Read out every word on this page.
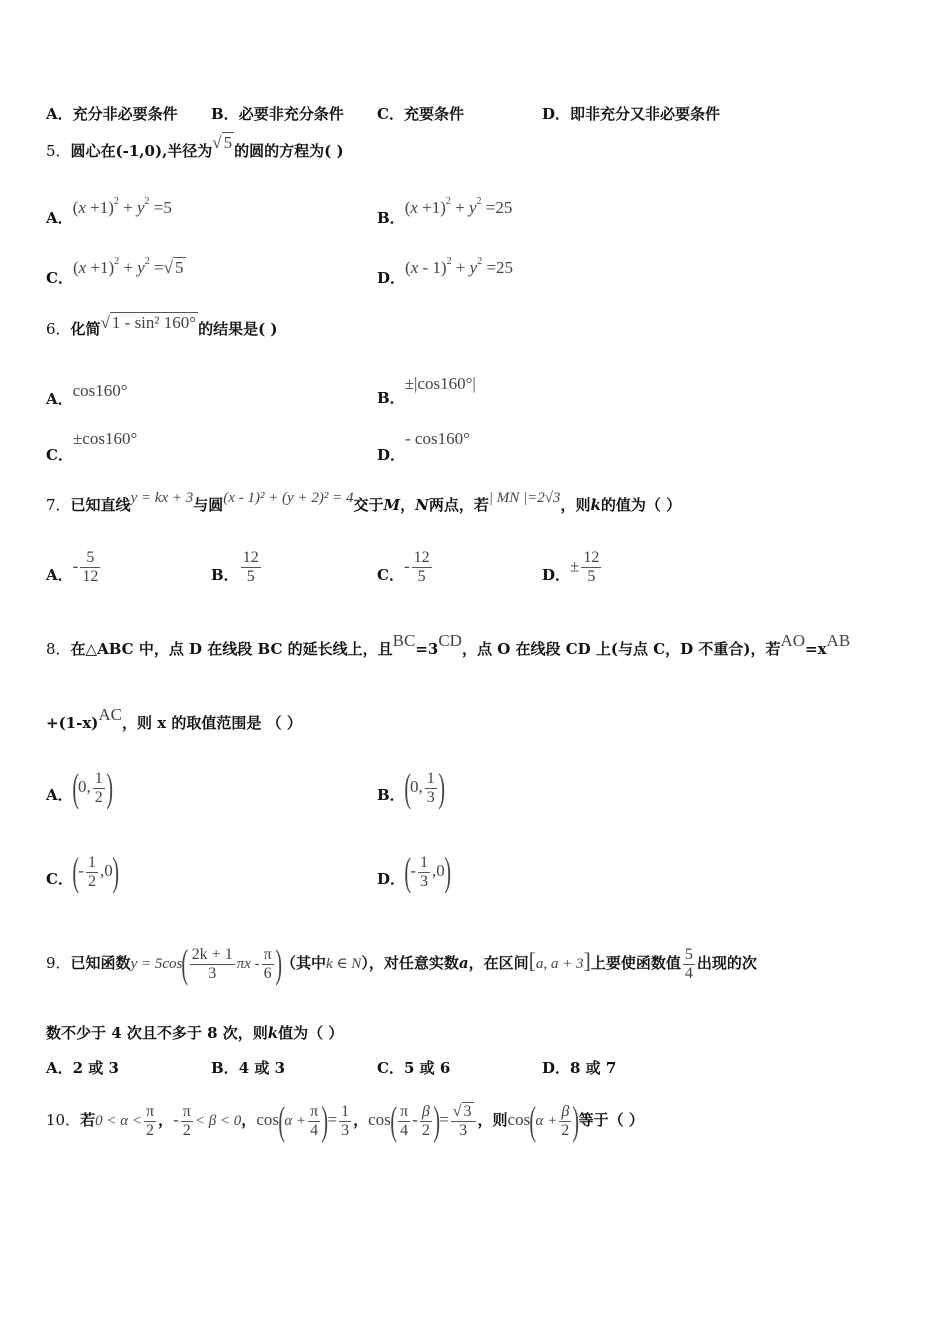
A．充分非必要条件 B．必要非充分条件 C．充要条件	D．即非充分又非必要条件
5．圆心在(-1,0),半径为√ 5 的圆的方程为( )
A．$(x +1)^2 + y^2 =5$
B．$(x +1)^2 + y^2 =25$
C．$(x +1)^2 + y^2$ =√ 5
D．$(x - 1)^2 + y^2 =25$
6．化简√ 1 - sin² 160° 的结果是( )
A．cos160°	B．±|cos160°|
C．±cos160°
D．- cos160°
7．已知直线y = kx + 3与圆(x - 1)² + (y + 2)² = 4交于M，N两点，若| MN |=2√3，则k的值为（ ）
A．- $\frac{5}{12}$	B． $\frac{12}{5}$	C．- $\frac{12}{5}$	D．± $\frac{12}{5}$
8．在△ABC 中，点 D 在线段 BC 的延长线上，且BC=3CD，点 O 在线段 CD 上(与点 C，D 不重合)，若AO=xAB
+(1-x)AC，则 x 的取值范围是 （ ）
A．(0, $\frac{1}{2}$ )	B．(0, $\frac{1}{3}$ )
C．(- $\frac{1}{2} ,0$)	D．(- $\frac{1}{3} ,0$)
9．已知函数$y = 5\cos( \frac{2k + 1}{3}$ πx - $\frac{\pi}{6}$ )（其中k ∈ N），对任意实数a，在区间[a, a + 3]上要使函数值 $\frac{5}{4}$ 出现的次
数不少于 4 次且不多于 8 次，则k值为（ ）
A．2 或 3	B．4 或 3	C．5 或 6	D．8 或 7
10．若$0 < \alpha < \frac{\pi}{2}$ ，- $\frac{\pi}{2} < \beta < 0$，$\cos(\alpha + \frac{\pi}{4}$ )= $\frac{1}{3}$ ，$\cos( \frac{\pi}{4} - \frac{\beta}{2}$ )= $\frac{√ 3}{3}$ ，则$\cos(\alpha + \frac{\beta}{2}$ )等于（ ）
